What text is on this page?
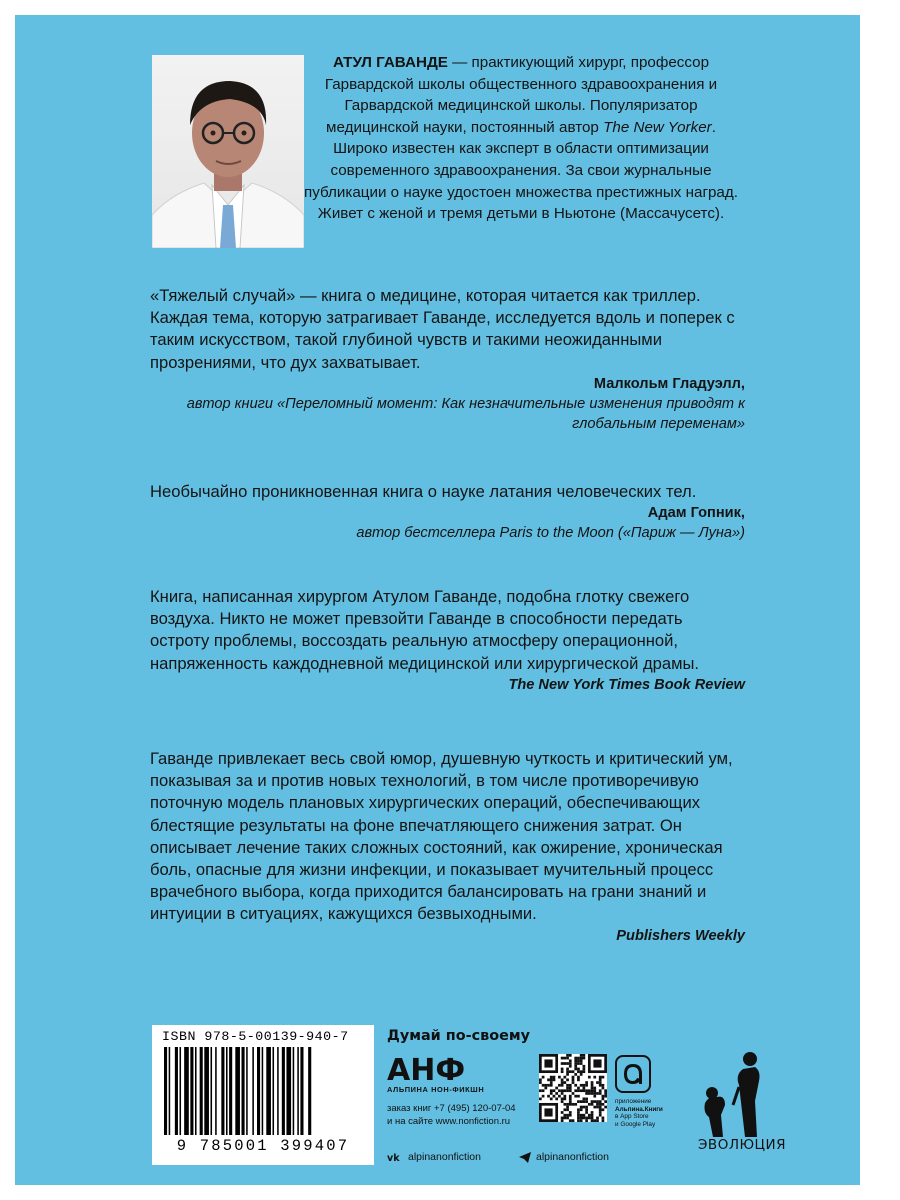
АТУЛ ГАВАНДЕ — практикующий хирург, профессор Гарвардской школы общественного здравоохранения и Гарвардской медицинской школы. Популяризатор медицинской науки, постоянный автор The New Yorker. Широко известен как эксперт в области оптимизации современного здравоохранения. За свои журнальные публикации о науке удостоен множества престижных наград. Живет с женой и тремя детьми в Ньютоне (Массачусетс).

«Тяжелый случай» — книга о медицине, которая читается как триллер. Каждая тема, которую затрагивает Гаванде, исследуется вдоль и поперек с таким искусством, такой глубиной чувств и такими неожиданными прозрениями, что дух захватывает.

Малкольм Гладуэлл,
автор книги «Переломный момент: Как незначительные изменения приводят к глобальным переменам»

Необычайно проникновенная книга о науке латания человеческих тел.

Адам Гопник,
автор бестселлера Paris to the Moon («Париж — Луна»)

Книга, написанная хирургом Атулом Гаванде, подобна глотку свежего воздуха. Никто не может превзойти Гаванде в способности передать остроту проблемы, воссоздать реальную атмосферу операционной, напряженность каждодневной медицинской или хирургической драмы.

The New York Times Book Review

Гаванде привлекает весь свой юмор, душевную чуткость и критический ум, показывая за и против новых технологий, в том числе противоречивую поточную модель плановых хирургических операций, обеспечивающих блестящие результаты на фоне впечатляющего снижения затрат. Он описывает лечение таких сложных состояний, как ожирение, хроническая боль, опасные для жизни инфекции, и показывает мучительный процесс врачебного выбора, когда приходится балансировать на грани знаний и интуиции в ситуациях, кажущихся безвыходными.

Publishers Weekly
ISBN 978-5-00139-940-7
9 785001 399407
Думай по-своему
АНФ
АЛЬПИНА НОН-ФИКШН
заказ книг +7 (495) 120-07-04
и на сайте www.nonfiction.ru
vk alpinanonfiction	alpinanonfiction
приложение
Альпина.Книги
в App Store
и Google Play
ЭВОЛЮЦИЯ
